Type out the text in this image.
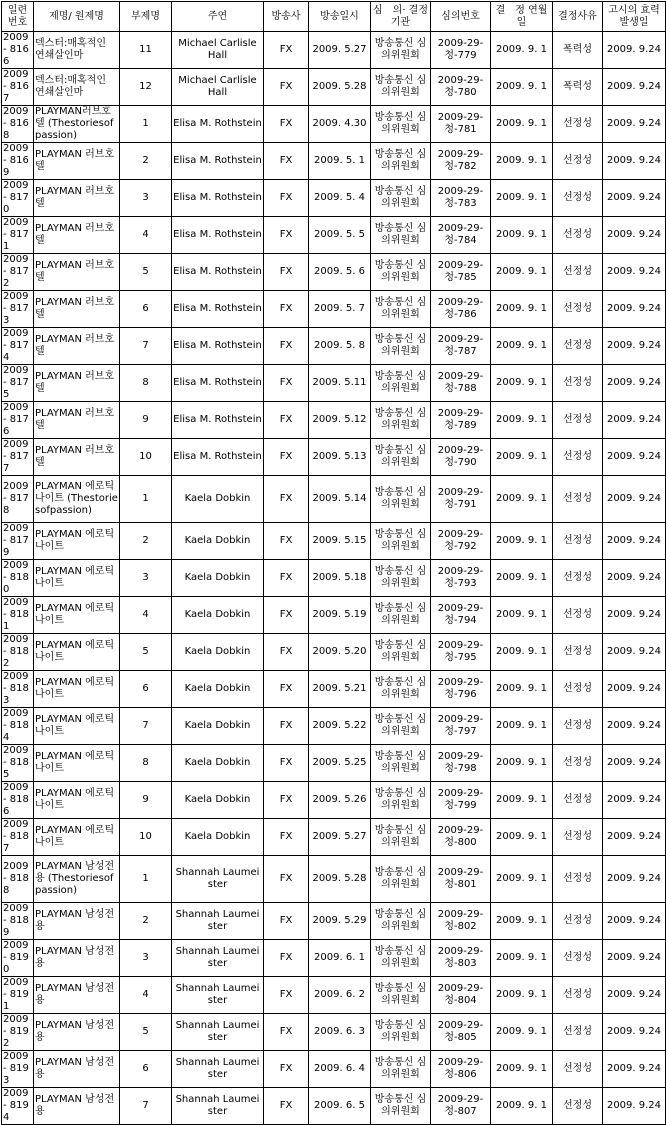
일련 번호	제명/ 원제명	부제명	주연	방송사	방송일시	심　의· 결정기관	심의번호	결　정 연월일	결정사유	고시의 효력발생일
2009- 8166	덱스터:매혹적인 연쇄살인마	11	Michael Carlisle Hall	FX	2009. 5.27	방송통신 심의위원회	2009-29- 청-779	2009. 9. 1	폭력성	2009. 9.24
2009- 8167	덱스터:매혹적인 연쇄살인마	12	Michael Carlisle Hall	FX	2009. 5.28	방송통신 심의위원회	2009-29- 청-780	2009. 9. 1	폭력성	2009. 9.24
2009- 8168	PLAYMAN러브호텔 (Thestoriesofpassion)	1	Elisa M. Rothstein	FX	2009. 4.30	방송통신 심의위원회	2009-29- 청-781	2009. 9. 1	선정성	2009. 9.24
2009- 8169	PLAYMAN 러브호텔	2	Elisa M. Rothstein	FX	2009. 5. 1	방송통신 심의위원회	2009-29- 청-782	2009. 9. 1	선정성	2009. 9.24
2009- 8170	PLAYMAN 러브호텔	3	Elisa M. Rothstein	FX	2009. 5. 4	방송통신 심의위원회	2009-29- 청-783	2009. 9. 1	선정성	2009. 9.24
2009- 8171	PLAYMAN 러브호텔	4	Elisa M. Rothstein	FX	2009. 5. 5	방송통신 심의위원회	2009-29- 청-784	2009. 9. 1	선정성	2009. 9.24
2009- 8172	PLAYMAN 러브호텔	5	Elisa M. Rothstein	FX	2009. 5. 6	방송통신 심의위원회	2009-29- 청-785	2009. 9. 1	선정성	2009. 9.24
2009- 8173	PLAYMAN 러브호텔	6	Elisa M. Rothstein	FX	2009. 5. 7	방송통신 심의위원회	2009-29- 청-786	2009. 9. 1	선정성	2009. 9.24
2009- 8174	PLAYMAN 러브호텔	7	Elisa M. Rothstein	FX	2009. 5. 8	방송통신 심의위원회	2009-29- 청-787	2009. 9. 1	선정성	2009. 9.24
2009- 8175	PLAYMAN 러브호텔	8	Elisa M. Rothstein	FX	2009. 5.11	방송통신 심의위원회	2009-29- 청-788	2009. 9. 1	선정성	2009. 9.24
2009- 8176	PLAYMAN 러브호텔	9	Elisa M. Rothstein	FX	2009. 5.12	방송통신 심의위원회	2009-29- 청-789	2009. 9. 1	선정성	2009. 9.24
2009- 8177	PLAYMAN 러브호텔	10	Elisa M. Rothstein	FX	2009. 5.13	방송통신 심의위원회	2009-29- 청-790	2009. 9. 1	선정성	2009. 9.24
2009- 8178	PLAYMAN 에로틱나이트 (Thestoriesofpassion)	1	Kaela Dobkin	FX	2009. 5.14	방송통신 심의위원회	2009-29- 청-791	2009. 9. 1	선정성	2009. 9.24
2009- 8179	PLAYMAN 에로틱나이트	2	Kaela Dobkin	FX	2009. 5.15	방송통신 심의위원회	2009-29- 청-792	2009. 9. 1	선정성	2009. 9.24
2009- 8180	PLAYMAN 에로틱나이트	3	Kaela Dobkin	FX	2009. 5.18	방송통신 심의위원회	2009-29- 청-793	2009. 9. 1	선정성	2009. 9.24
2009- 8181	PLAYMAN 에로틱나이트	4	Kaela Dobkin	FX	2009. 5.19	방송통신 심의위원회	2009-29- 청-794	2009. 9. 1	선정성	2009. 9.24
2009- 8182	PLAYMAN 에로틱나이트	5	Kaela Dobkin	FX	2009. 5.20	방송통신 심의위원회	2009-29- 청-795	2009. 9. 1	선정성	2009. 9.24
2009- 8183	PLAYMAN 에로틱나이트	6	Kaela Dobkin	FX	2009. 5.21	방송통신 심의위원회	2009-29- 청-796	2009. 9. 1	선정성	2009. 9.24
2009- 8184	PLAYMAN 에로틱나이트	7	Kaela Dobkin	FX	2009. 5.22	방송통신 심의위원회	2009-29- 청-797	2009. 9. 1	선정성	2009. 9.24
2009- 8185	PLAYMAN 에로틱나이트	8	Kaela Dobkin	FX	2009. 5.25	방송통신 심의위원회	2009-29- 청-798	2009. 9. 1	선정성	2009. 9.24
2009- 8186	PLAYMAN 에로틱나이트	9	Kaela Dobkin	FX	2009. 5.26	방송통신 심의위원회	2009-29- 청-799	2009. 9. 1	선정성	2009. 9.24
2009- 8187	PLAYMAN 에로틱나이트	10	Kaela Dobkin	FX	2009. 5.27	방송통신 심의위원회	2009-29- 청-800	2009. 9. 1	선정성	2009. 9.24
2009- 8188	PLAYMAN 남성전용 (Thestoriesofpassion)	1	Shannah Laumeister	FX	2009. 5.28	방송통신 심의위원회	2009-29- 청-801	2009. 9. 1	선정성	2009. 9.24
2009- 8189	PLAYMAN 남성전용	2	Shannah Laumeister	FX	2009. 5.29	방송통신 심의위원회	2009-29- 청-802	2009. 9. 1	선정성	2009. 9.24
2009- 8190	PLAYMAN 남성전용	3	Shannah Laumeister	FX	2009. 6. 1	방송통신 심의위원회	2009-29- 청-803	2009. 9. 1	선정성	2009. 9.24
2009- 8191	PLAYMAN 남성전용	4	Shannah Laumeister	FX	2009. 6. 2	방송통신 심의위원회	2009-29- 청-804	2009. 9. 1	선정성	2009. 9.24
2009- 8192	PLAYMAN 남성전용	5	Shannah Laumeister	FX	2009. 6. 3	방송통신 심의위원회	2009-29- 청-805	2009. 9. 1	선정성	2009. 9.24
2009- 8193	PLAYMAN 남성전용	6	Shannah Laumeister	FX	2009. 6. 4	방송통신 심의위원회	2009-29- 청-806	2009. 9. 1	선정성	2009. 9.24
2009- 8194	PLAYMAN 남성전용	7	Shannah Laumeister	FX	2009. 6. 5	방송통신 심의위원회	2009-29- 청-807	2009. 9. 1	선정성	2009. 9.24
